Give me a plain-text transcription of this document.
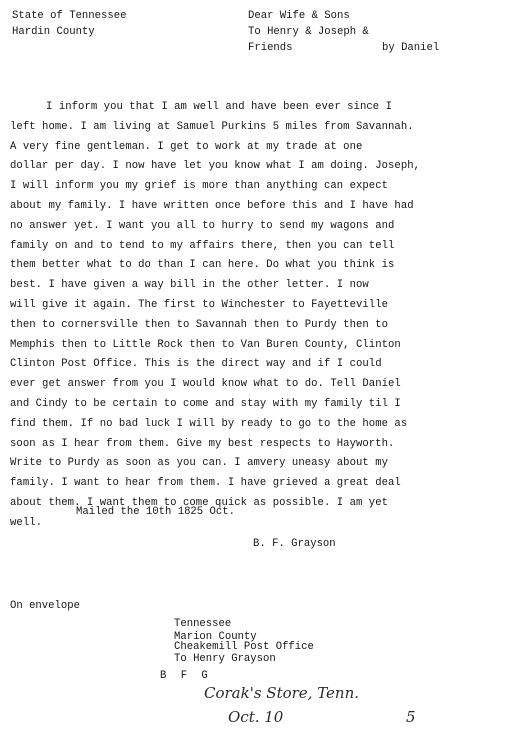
State of Tennessee
Hardin County
Dear Wife & Sons
To Henry & Joseph &
Friends	by Daniel
I inform you that I am well and have been ever since I
left home. I am living at Samuel Purkins 5 miles from Savannah.
A very fine gentleman. I get to work at my trade at one
dollar per day. I now have let you know what I am doing. Joseph,
I will inform you my grief is more than anything can expect
about my family. I have written once before this and I have had
no answer yet. I want you all to hurry to send my wagons and
family on and to tend to my affairs there, then you can tell
them better what to do than I can here. Do what you think is
best. I have given a way bill in the other letter. I now
will give it again. The first to Winchester to Fayetteville
then to cornersville then to Savannah then to Purdy then to
Memphis then to Little Rock then to Van Buren County, Clinton
Clinton Post Office. This is the direct way and if I could
ever get answer from you I would know what to do. Tell Daniel
and Cindy to be certain to come and stay with my family til I
find them. If no bad luck I will by ready to go to the home as
soon as I hear from them. Give my best respects to Hayworth.
Write to Purdy as soon as you can. I amvery uneasy about my
family. I want to hear from them. I have grieved a great deal
about them. I want them to come quick as possible. I am yet
well.
Mailed the 10th 1825 Oct.
B. F. Grayson
On envelope
Tennessee
Marion County
Cheakemill Post Office
To Henry Grayson
B F G
Corak's Store, Tenn.
Oct. 10	5
